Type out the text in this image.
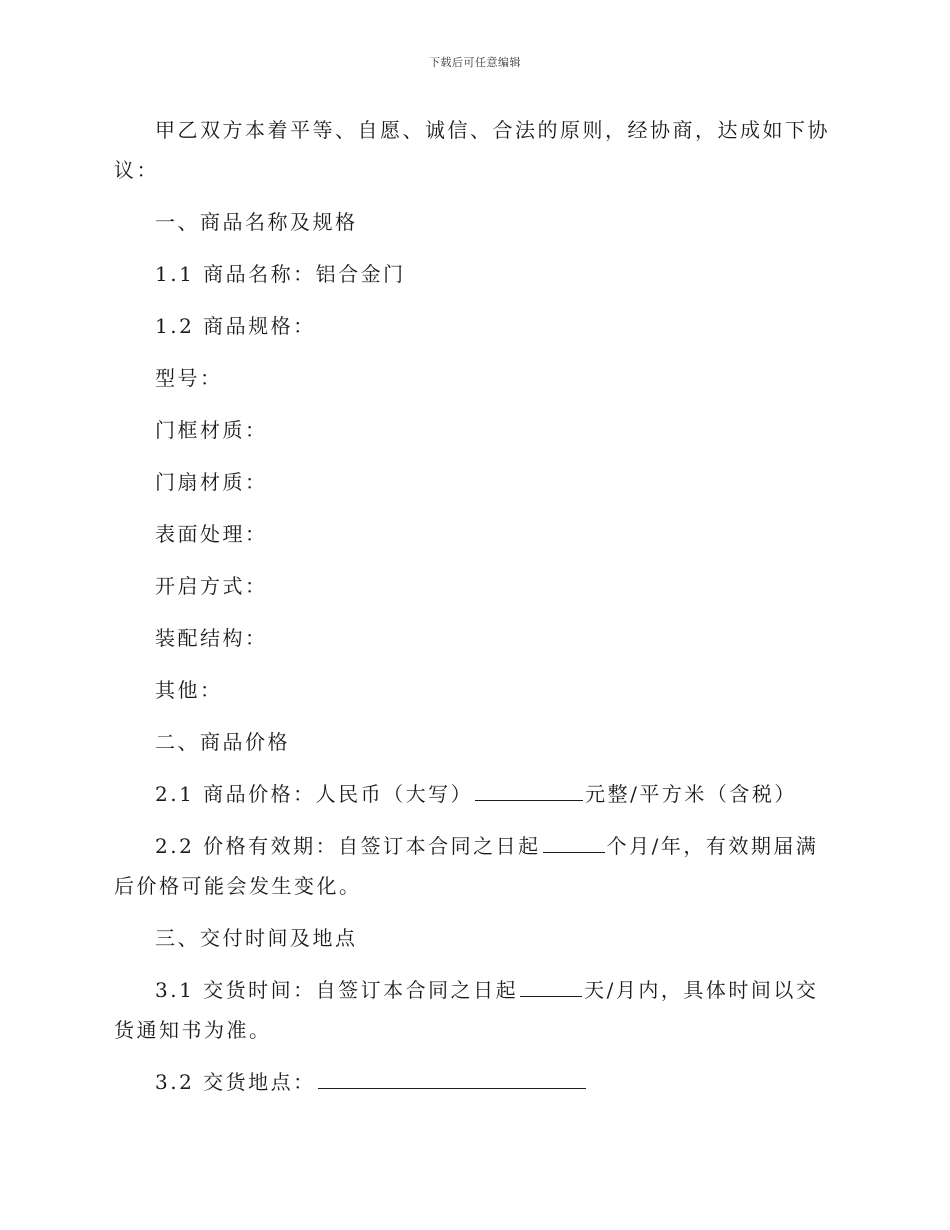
下载后可任意编辑

甲乙双方本着平等、自愿、诚信、合法的原则，经协商，达成如下协议：

一、商品名称及规格

1.1 商品名称：铝合金门

1.2 商品规格：

型号：

门框材质：

门扇材质：

表面处理：

开启方式：

装配结构：

其他：

二、商品价格

2.1 商品价格：人民币（大写）	元整/平方米（含税）

2.2 价格有效期：自签订本合同之日起	个月/年，有效期届满后价格可能会发生变化。

三、交付时间及地点

3.1 交货时间：自签订本合同之日起	天/月内，具体时间以交货通知书为准。

3.2 交货地点：
